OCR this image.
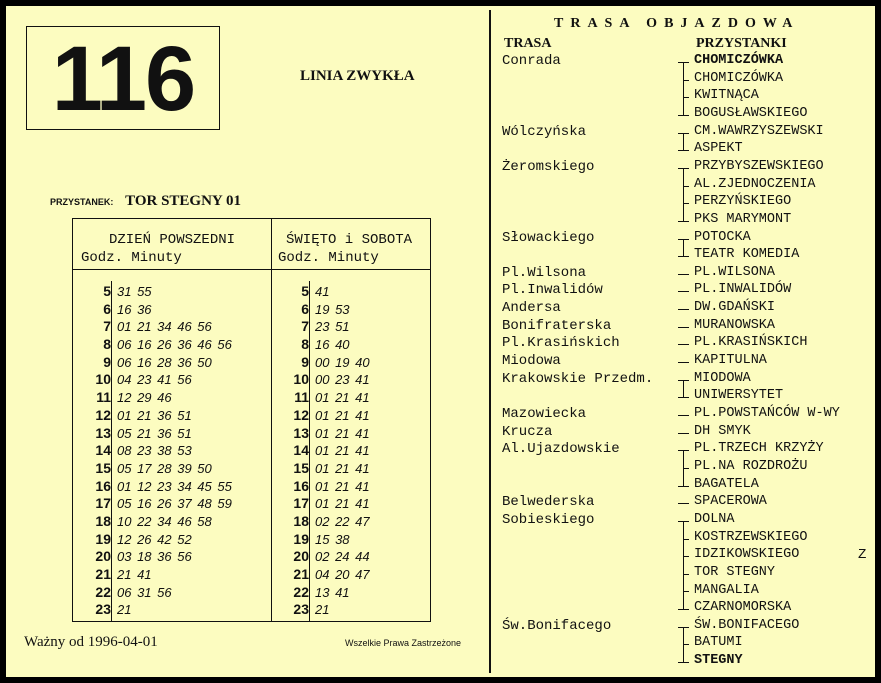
116	LINIA ZWYKŁA
PRZYSTANEK: TOR STEGNY 01
DZIEŃ POWSZEDNI
Godz. Minuty
5 31 55
6 16 36
7 01 21 34 46 56
8 06 16 26 36 46 56
9 06 16 28 36 50
10 04 23 41 56
11 12 29 46
12 01 21 36 51
13 05 21 36 51
14 08 23 38 53
15 05 17 28 39 50
16 01 12 23 34 45 55
17 05 16 26 37 48 59
18 10 22 34 46 58
19 12 26 42 52
20 03 18 36 56
21 21 41
22 06 31 56
23 21
ŚWIĘTO i SOBOTA
Godz. Minuty
5 41
6 19 53
7 23 51
8 16 40
9 00 19 40
10 00 23 41
11 01 21 41
12 01 21 41
13 01 21 41
14 01 21 41
15 01 21 41
16 01 21 41
17 01 21 41
18 02 22 47
19 15 38
20 02 24 44
21 04 20 47
22 13 41
23 21
Ważny od 1996-04-01	Wszelkie Prawa Zastrzeżone
TRASA OBJAZDOWA
TRASA	PRZYSTANKI
Conrada	CHOMICZÓWKA
CHOMICZÓWKA
KWITNĄCA
BOGUSŁAWSKIEGO
Wólczyńska	CM.WAWRZYSZEWSKI
ASPEKT
Żeromskiego	PRZYBYSZEWSKIEGO
AL.ZJEDNOCZENIA
PERZYŃSKIEGO
PKS MARYMONT
Słowackiego	POTOCKA
TEATR KOMEDIA
Pl.Wilsona	PL.WILSONA
Pl.Inwalidów	PL.INWALIDÓW
Andersa	DW.GDAŃSKI
Bonifraterska	MURANOWSKA
Pl.Krasińskich	PL.KRASIŃSKICH
Miodowa	KAPITULNA
Krakowskie Przedm.	MIODOWA
UNIWERSYTET
Mazowiecka	PL.POWSTAŃCÓW W-WY
Krucza	DH SMYK
Al.Ujazdowskie	PL.TRZECH KRZYŻY
PL.NA ROZDROŻU
BAGATELA
Belwederska	SPACEROWA
Sobieskiego	DOLNA
KOSTRZEWSKIEGO
IDZIKOWSKIEGO
TOR STEGNY
MANGALIA
CZARNOMORSKA
Św.Bonifacego	ŚW.BONIFACEGO
BATUMI
STEGNY
Z
